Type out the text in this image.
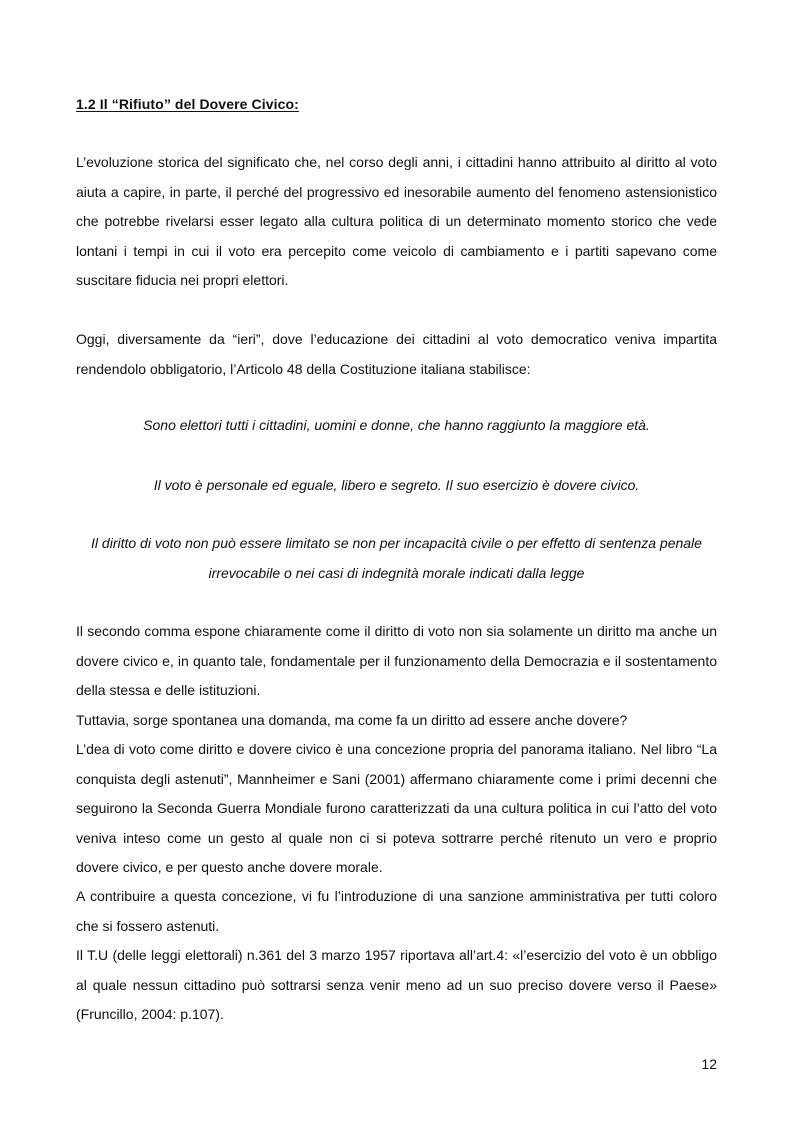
1.2 Il “Rifiuto” del Dovere Civico:

L’evoluzione storica del significato che, nel corso degli anni, i cittadini hanno attribuito al diritto al voto aiuta a capire, in parte, il perché del progressivo ed inesorabile aumento del fenomeno astensionistico che potrebbe rivelarsi esser legato alla cultura politica di un determinato momento storico che vede lontani i tempi in cui il voto era percepito come veicolo di cambiamento e i partiti sapevano come suscitare fiducia nei propri elettori.

Oggi, diversamente da “ieri”, dove l’educazione dei cittadini al voto democratico veniva impartita rendendolo obbligatorio, l’Articolo 48 della Costituzione italiana stabilisce:

Sono elettori tutti i cittadini, uomini e donne, che hanno raggiunto la maggiore età.

Il voto è personale ed eguale, libero e segreto. Il suo esercizio è dovere civico.

Il diritto di voto non può essere limitato se non per incapacità civile o per effetto di sentenza penale irrevocabile o nei casi di indegnità morale indicati dalla legge

Il secondo comma espone chiaramente come il diritto di voto non sia solamente un diritto ma anche un dovere civico e, in quanto tale, fondamentale per il funzionamento della Democrazia e il sostentamento della stessa e delle istituzioni.

Tuttavia, sorge spontanea una domanda, ma come fa un diritto ad essere anche dovere?

L’dea di voto come diritto e dovere civico è una concezione propria del panorama italiano. Nel libro “La conquista degli astenuti”, Mannheimer e Sani (2001) affermano chiaramente come i primi decenni che seguirono la Seconda Guerra Mondiale furono caratterizzati da una cultura politica in cui l’atto del voto veniva inteso come un gesto al quale non ci si poteva sottrarre perché ritenuto un vero e proprio dovere civico, e per questo anche dovere morale.

A contribuire a questa concezione, vi fu l’introduzione di una sanzione amministrativa per tutti coloro che si fossero astenuti.

Il T.U (delle leggi elettorali) n.361 del 3 marzo 1957 riportava all’art.4: «l’esercizio del voto è un obbligo al quale nessun cittadino può sottrarsi senza venir meno ad un suo preciso dovere verso il Paese» (Fruncillo, 2004: p.107).

12
